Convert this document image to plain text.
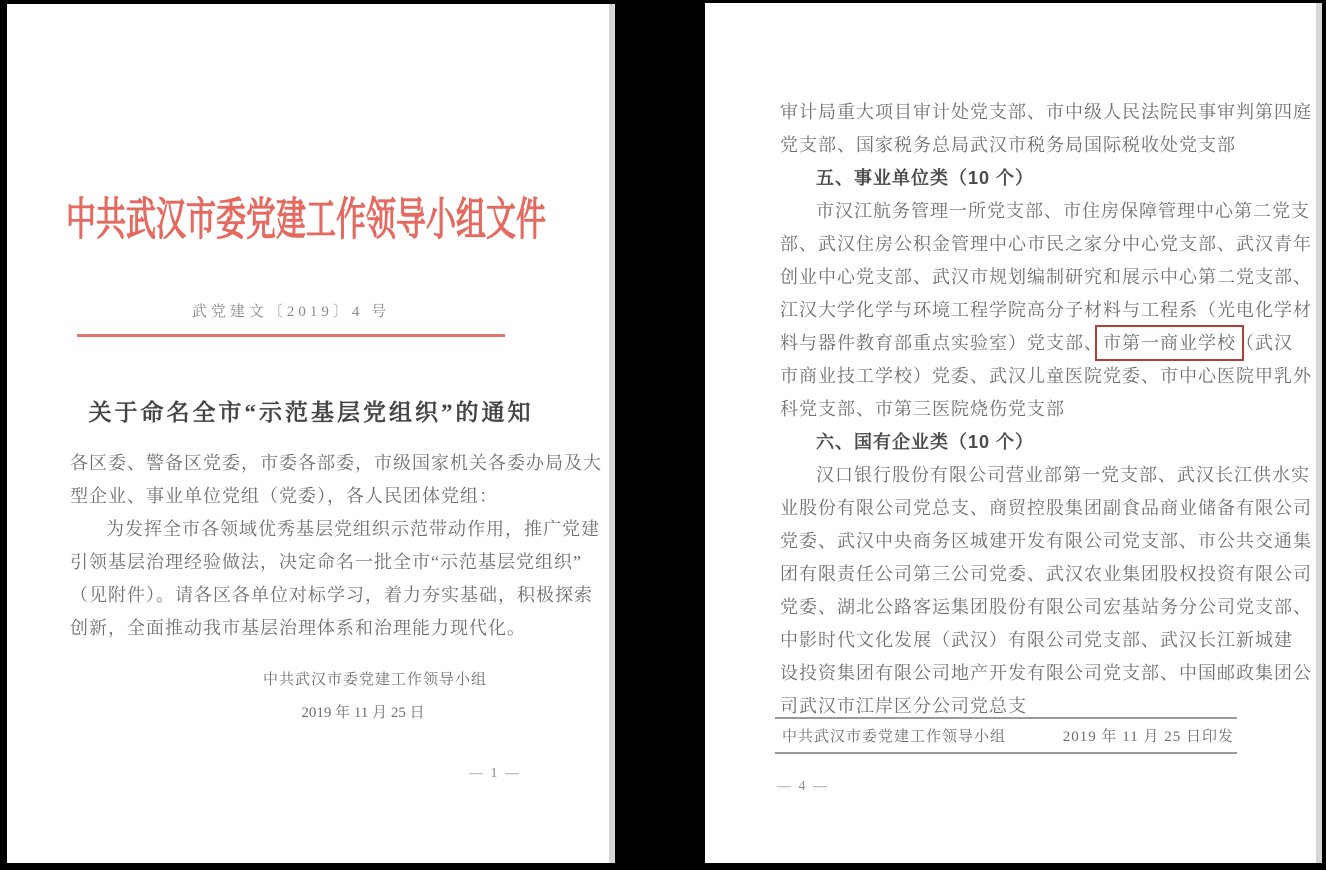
中共武汉市委党建工作领导小组文件
武党建文〔2019〕4 号
关于命名全市“示范基层党组织”的通知
各区委、警备区党委，市委各部委，市级国家机关各委办局及大
型企业、事业单位党组（党委），各人民团体党组：
为发挥全市各领域优秀基层党组织示范带动作用，推广党建
引领基层治理经验做法，决定命名一批全市“示范基层党组织”
（见附件）。请各区各单位对标学习，着力夯实基础，积极探索
创新，全面推动我市基层治理体系和治理能力现代化。
中共武汉市委党建工作领导小组
2019 年 11 月 25 日
— 1 —
审计局重大项目审计处党支部、市中级人民法院民事审判第四庭
党支部、国家税务总局武汉市税务局国际税收处党支部
五、事业单位类（10 个）
市汉江航务管理一所党支部、市住房保障管理中心第二党支
部、武汉住房公积金管理中心市民之家分中心党支部、武汉青年
创业中心党支部、武汉市规划编制研究和展示中心第二党支部、
江汉大学化学与环境工程学院高分子材料与工程系（光电化学材
料与器件教育部重点实验室）党支部、市第一商业学校（武汉
市商业技工学校）党委、武汉儿童医院党委、市中心医院甲乳外
科党支部、市第三医院烧伤党支部
六、国有企业类（10 个）
汉口银行股份有限公司营业部第一党支部、武汉长江供水实
业股份有限公司党总支、商贸控股集团副食品商业储备有限公司
党委、武汉中央商务区城建开发有限公司党支部、市公共交通集
团有限责任公司第三公司党委、武汉农业集团股权投资有限公司
党委、湖北公路客运集团股份有限公司宏基站务分公司党支部、
中影时代文化发展（武汉）有限公司党支部、武汉长江新城建
设投资集团有限公司地产开发有限公司党支部、中国邮政集团公
司武汉市江岸区分公司党总支
中共武汉市委党建工作领导小组	2019 年 11 月 25 日印发
— 4 —
